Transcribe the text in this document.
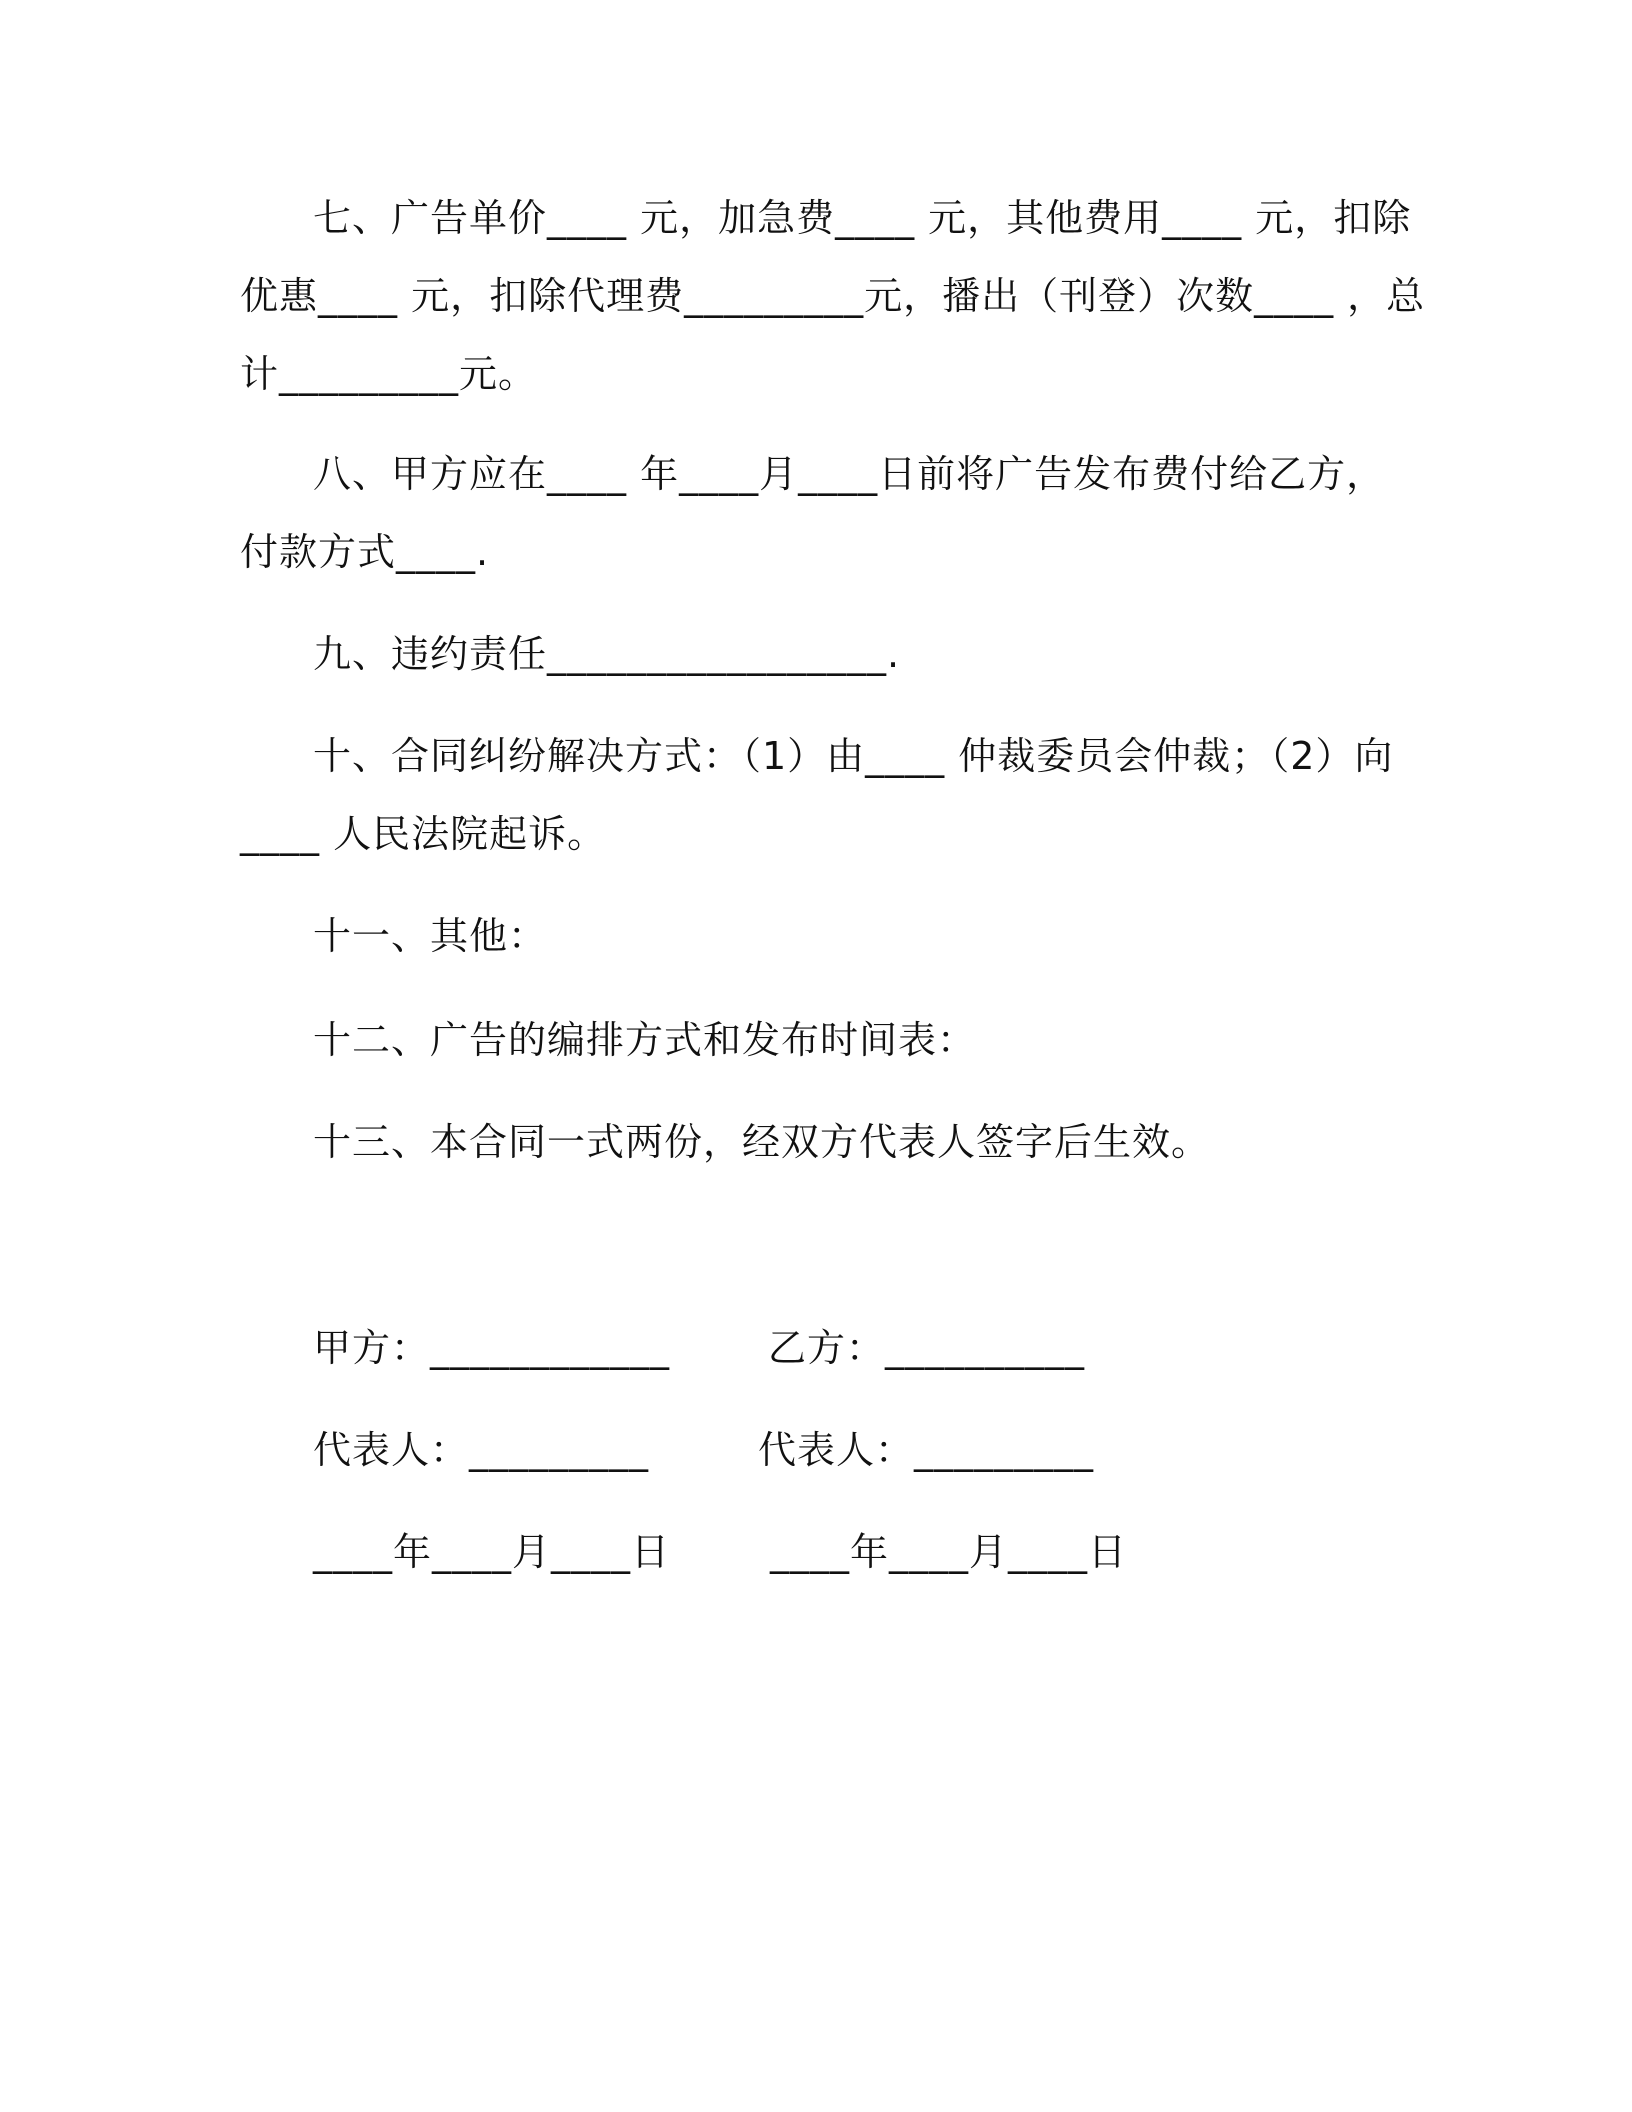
七、广告单价____ 元，加急费____ 元，其他费用____ 元，扣除
优惠____ 元，扣除代理费_________元，播出（刊登）次数____ ，总
计_________元。
八、甲方应在____ 年____月____日前将广告发布费付给乙方，
付款方式____.
九、违约责任_________________.
十、合同纠纷解决方式：（1）由____ 仲裁委员会仲裁；（2）向
____ 人民法院起诉。
十一、其他：
十二、广告的编排方式和发布时间表：
十三、本合同一式两份，经双方代表人签字后生效。
甲方：____________	乙方：__________
代表人：_________	代表人：_________
____年____月____日	____年____月____日
